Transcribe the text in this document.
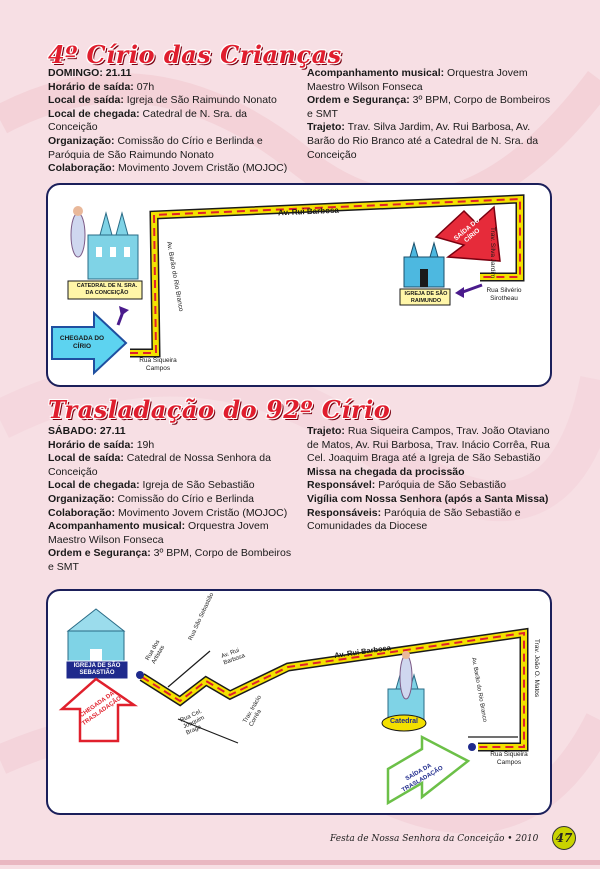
4º Círio das Crianças

DOMINGO: 21.11

Horário de saída: 07h

Local de saída: Igreja de São Raimundo Nonato

Local de chegada: Catedral de N. Sra. da Conceição

Organização: Comissão do Círio e Berlinda e Paróquia de São Raimundo Nonato

Colaboração: Movimento Jovem Cristão (MOJOC)

Acompanhamento musical: Orquestra Jovem Maestro Wilson Fonseca

Ordem e Segurança: 3º BPM, Corpo de Bombeiros e SMT

Trajeto: Trav. Silva Jardim, Av. Rui Barbosa, Av. Barão do Rio Branco até a Catedral de N. Sra. da Conceição

CATEDRAL DE N. SRA. DA CONCEIÇÃO	IGREJA DE SÃO RAIMUNDO
CHEGADA DO CÍRIO
SAÍDA DO CÍRIO
Av. Rui Barbosa
Trav. Silva Jardim
Av. Barão do Rio Branco
Rua Siqueira Campos
Rua Silvério Sirotheau
Trasladação do 92º Círio

SÁBADO: 27.11

Horário de saída: 19h

Local de saída: Catedral de Nossa Senhora da Conceição

Local de chegada: Igreja de São Sebastião

Organização: Comissão do Círio e Berlinda

Colaboração: Movimento Jovem Cristão (MOJOC)

Acompanhamento musical: Orquestra Jovem Maestro Wilson Fonseca

Ordem e Segurança: 3º BPM, Corpo de Bombeiros e SMT

Trajeto: Rua Siqueira Campos, Trav. João Otaviano de Matos, Av. Rui Barbosa, Trav. Inácio Corrêa, Rua Cel. Joaquim Braga até a Igreja de São Sebastião

Missa na chegada da procissão

Responsável: Paróquia de São Sebastião

Vigília com Nossa Senhora (após a Santa Missa)

Responsáveis: Paróquia de São Sebastião e Comunidades da Diocese

IGREJA DE SÃO SEBASTIÃO
Catedral
CHEGADA DA TRASLADAÇÃO
SAÍDA DA TRASLADAÇÃO
Rua dos Artistas
Rua São Sebastião
Av. Rui Barbosa	Av. Rui Barbosa
Trav. Inácio Corrêa
Rua Cel. Joaquim Braga
Av. Barão do Rio Branco	Trav. João O. Matos
Rua Siqueira Campos
Festa de Nossa Senhora da Conceição • 2010	47
